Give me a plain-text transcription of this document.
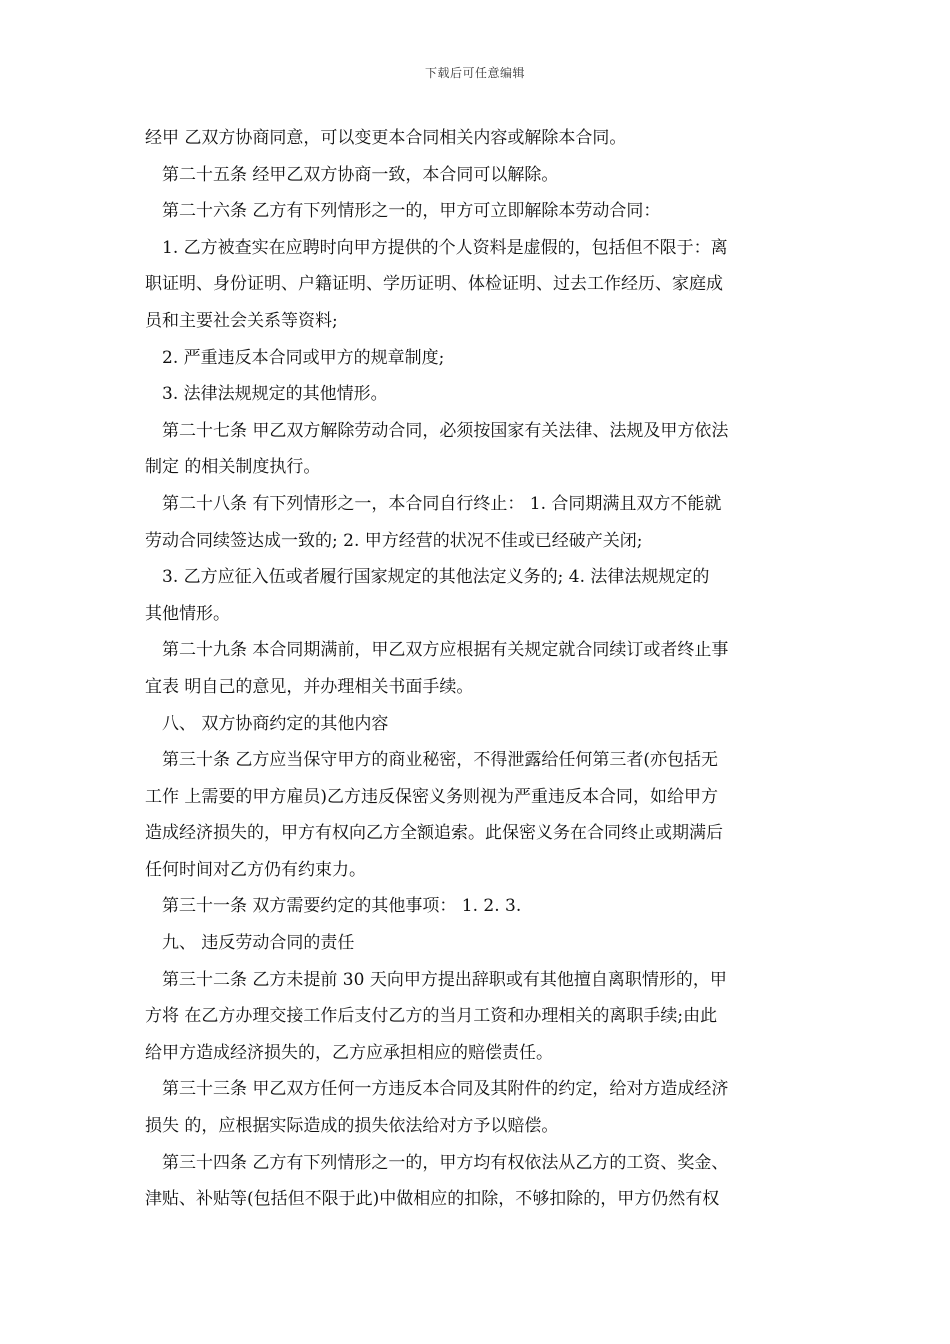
下载后可任意编辑
经甲 乙双方协商同意，可以变更本合同相关内容或解除本合同。
第二十五条 经甲乙双方协商一致，本合同可以解除。
第二十六条 乙方有下列情形之一的，甲方可立即解除本劳动合同：
1. 乙方被查实在应聘时向甲方提供的个人资料是虚假的，包括但不限于：离
职证明、身份证明、户籍证明、学历证明、体检证明、过去工作经历、家庭成
员和主要社会关系等资料;
2. 严重违反本合同或甲方的规章制度;
3. 法律法规规定的其他情形。
第二十七条 甲乙双方解除劳动合同，必须按国家有关法律、法规及甲方依法
制定 的相关制度执行。
第二十八条 有下列情形之一，本合同自行终止： 1. 合同期满且双方不能就
劳动合同续签达成一致的; 2. 甲方经营的状况不佳或已经破产关闭;
3. 乙方应征入伍或者履行国家规定的其他法定义务的; 4. 法律法规规定的
其他情形。
第二十九条 本合同期满前，甲乙双方应根据有关规定就合同续订或者终止事
宜表 明自己的意见，并办理相关书面手续。
八、 双方协商约定的其他内容
第三十条 乙方应当保守甲方的商业秘密，不得泄露给任何第三者(亦包括无
工作 上需要的甲方雇员)乙方违反保密义务则视为严重违反本合同，如给甲方
造成经济损失的，甲方有权向乙方全额追索。此保密义务在合同终止或期满后
任何时间对乙方仍有约束力。
第三十一条 双方需要约定的其他事项： 1. 2. 3.
九、 违反劳动合同的责任
第三十二条 乙方未提前 30 天向甲方提出辞职或有其他擅自离职情形的，甲
方将 在乙方办理交接工作后支付乙方的当月工资和办理相关的离职手续;由此
给甲方造成经济损失的，乙方应承担相应的赔偿责任。
第三十三条 甲乙双方任何一方违反本合同及其附件的约定，给对方造成经济
损失 的，应根据实际造成的损失依法给对方予以赔偿。
第三十四条 乙方有下列情形之一的，甲方均有权依法从乙方的工资、奖金、
津贴、补贴等(包括但不限于此)中做相应的扣除，不够扣除的，甲方仍然有权
